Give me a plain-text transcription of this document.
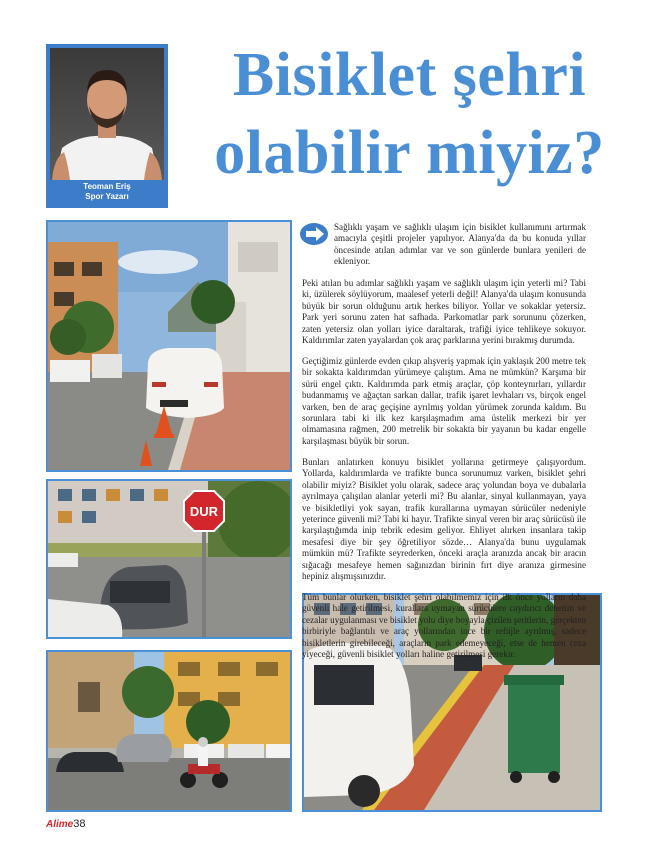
Teoman Eriş
Spor Yazarı
Bisiklet şehri
olabilir miyiz?
DUR

Sağlıklı yaşam ve sağlıklı ulaşım için bisiklet kullanımını artırmak amacıyla çeşitli projeler yapılıyor. Alanya'da da bu konuda yıllar öncesinde atılan adımlar var ve son günlerde bunlara yenileri de ekleniyor.

Peki atılan bu adımlar sağlıklı yaşam ve sağlıklı ulaşım için yeterli mi? Tabi ki, üzülerek söylüyorum, maalesef yeterli değil! Alanya'da ulaşım konusunda büyük bir sorun olduğunu artık herkes biliyor. Yollar ve sokaklar yetersiz. Park yeri sorunu zaten hat safhada. Parkomatlar park sorununu çözerken, zaten yetersiz olan yolları iyice daraltarak, trafiği iyice tehlikeye sokuyor. Kaldırımlar zaten yayalardan çok araç parklarına yerini bırakmış durumda.

Geçtiğimiz günlerde evden çıkıp alışveriş yapmak için yaklaşık 200 metre tek bir sokakta kaldırımdan yürümeye çalıştım. Ama ne mümkün? Karşıma bir sürü engel çıktı. Kaldırımda park etmiş araçlar, çöp konteynırları, yıllardır budanmamış ve ağaçtan sarkan dallar, trafik işaret levhaları vs, birçok engel varken, ben de araç geçişine ayrılmış yoldan yürümek zorunda kaldım. Bu sorunlara tabi ki ilk kez karşılaşmadım ama üstelik merkezi bir yer olmamasına rağmen, 200 metrelik bir sokakta bir yayanın bu kadar engelle karşılaşması büyük bir sorun.

Bunları anlatırken konuyu bisiklet yollarına getirmeye çalışıyordum. Yollarda, kaldırımlarda ve trafikte bunca sorunumuz varken, bisiklet şehri olabilir miyiz? Bisiklet yolu olarak, sadece araç yolundan boya ve dubalarla ayrılmaya çalışılan alanlar yeterli mi? Bu alanlar, sinyal kullanmayan, yaya ve bisikletliyi yok sayan, trafik kurallarına uymayan sürücüler nedeniyle yeterince güvenli mi? Tabi ki hayır. Trafikte sinyal veren bir araç sürücüsü ile karşılaştığımda inip tebrik edesim geliyor. Ehliyet alırken insanlara takip mesafesi diye bir şey öğretiliyor sözde… Alanya'da bunu uygulamak mümkün mü? Trafikte seyrederken, önceki araçla aranızda ancak bir aracın sığacağı mesafeye hemen sağınızdan birinin fırt diye aranıza girmesine hepiniz alışmışsınızdır.

Tüm bunlar olurken, bisiklet şehri olabilmemiz için ilk önce yolların daha güvenli hale getirilmesi, kurallara uymayan sürücülere caydırıcı denetim ve cezalar uygulanması ve bisiklet yolu diye boyayla çizilen şeritlerin, gerçekten birbiriyle bağlantılı ve araç yollarından ince bir refüjle ayrılmış, sadece bisikletlerin girebileceği, araçların park edemeyeceği, etse de hemen ceza yiyeceği, güvenli bisiklet yolları haline getirilmesi gerekir.

Alime38
